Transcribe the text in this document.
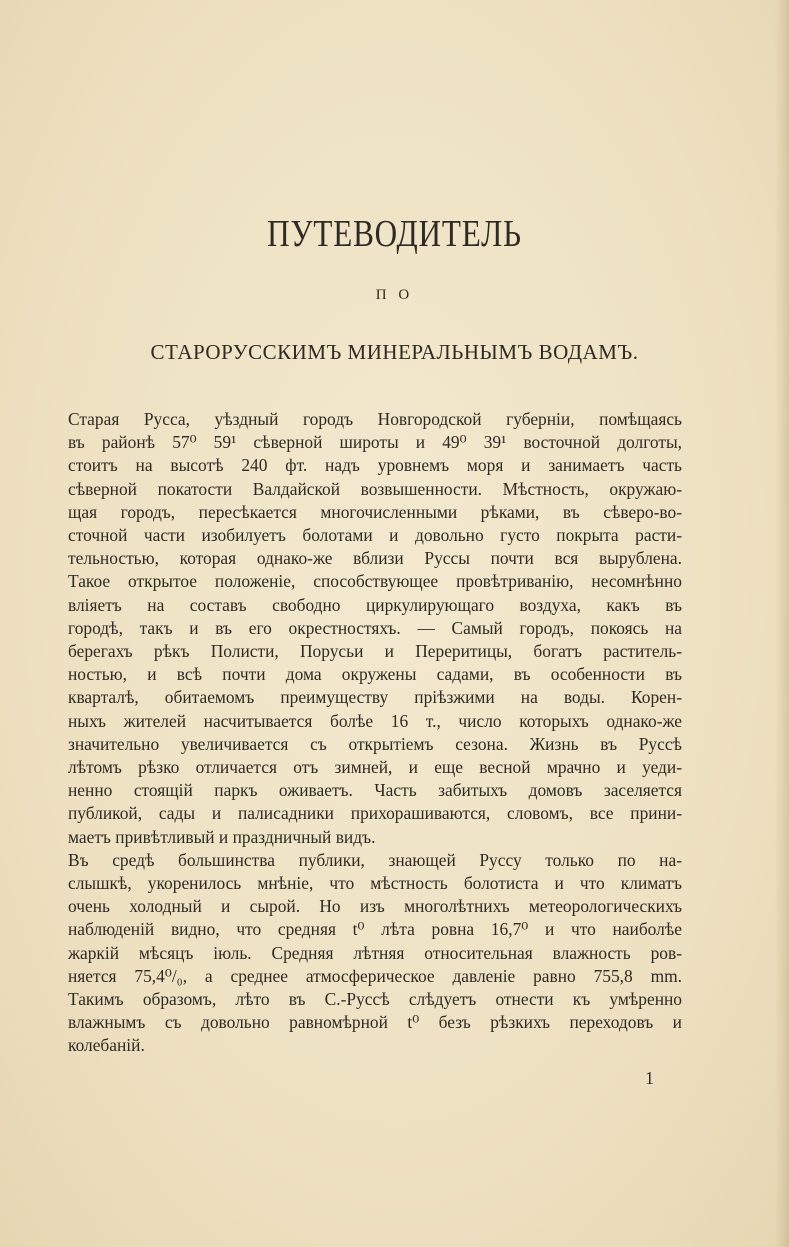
ПУТЕВОДИТЕЛЬ
П О
СТАРОРУССКИМЪ МИНЕРАЛЬНЫМЪ ВОДАМЪ.

Старая Русса, уѣздный городъ Новгородской губерніи, помѣщаясь
въ районѣ 57⁰ 59¹ сѣверной широты и 49⁰ 39¹ восточной долготы,
стоитъ на высотѣ 240 фт. надъ уровнемъ моря и занимаетъ часть
сѣверной покатости Валдайской возвышенности. Мѣстность, окружаю-
щая городъ, пересѣкается многочисленными рѣками, въ сѣверо-во-
сточной части изобилуетъ болотами и довольно густо покрыта расти-
тельностью, которая однако-же вблизи Руссы почти вся вырублена.
Такое открытое положеніе, способствующее провѣтриванію, несомнѣнно
вліяетъ на составъ свободно циркулирующаго воздуха, какъ въ
городѣ, такъ и въ его окрестностяхъ. — Самый городъ, покоясь на
берегахъ рѣкъ Полисти, Порусьи и Переритицы, богатъ раститель-
ностью, и всѣ почти дома окружены садами, въ особенности въ
кварталѣ, обитаемомъ преимуществу пріѣзжими на воды. Корен-
ныхъ жителей насчитывается болѣе 16 т., число которыхъ однако-же
значительно увеличивается съ открытіемъ сезона. Жизнь въ Руссѣ
лѣтомъ рѣзко отличается отъ зимней, и еще весной мрачно и уеди-
ненно стоящій паркъ оживаетъ. Часть забитыхъ домовъ заселяется
публикой, сады и палисадники прихорашиваются, словомъ, все прини-
маетъ привѣтливый и праздничный видъ.

Въ средѣ большинства публики, знающей Руссу только по на-
слышкѣ, укоренилось мнѣніе, что мѣстность болотиста и что климатъ
очень холодный и сырой. Но изъ многолѣтнихъ метеорологическихъ
наблюденій видно, что средняя t⁰ лѣта ровна 16,7⁰ и что наиболѣе
жаркій мѣсяцъ іюль. Средняя лѣтняя относительная влажность ров-
няется 75,4⁰/₀, а среднее атмосферическое давленіе равно 755,8 mm.
Такимъ образомъ, лѣто въ С.-Руссѣ слѣдуетъ отнести къ умѣренно
влажнымъ съ довольно равномѣрной t⁰ безъ рѣзкихъ переходовъ и
колебаній.

1
